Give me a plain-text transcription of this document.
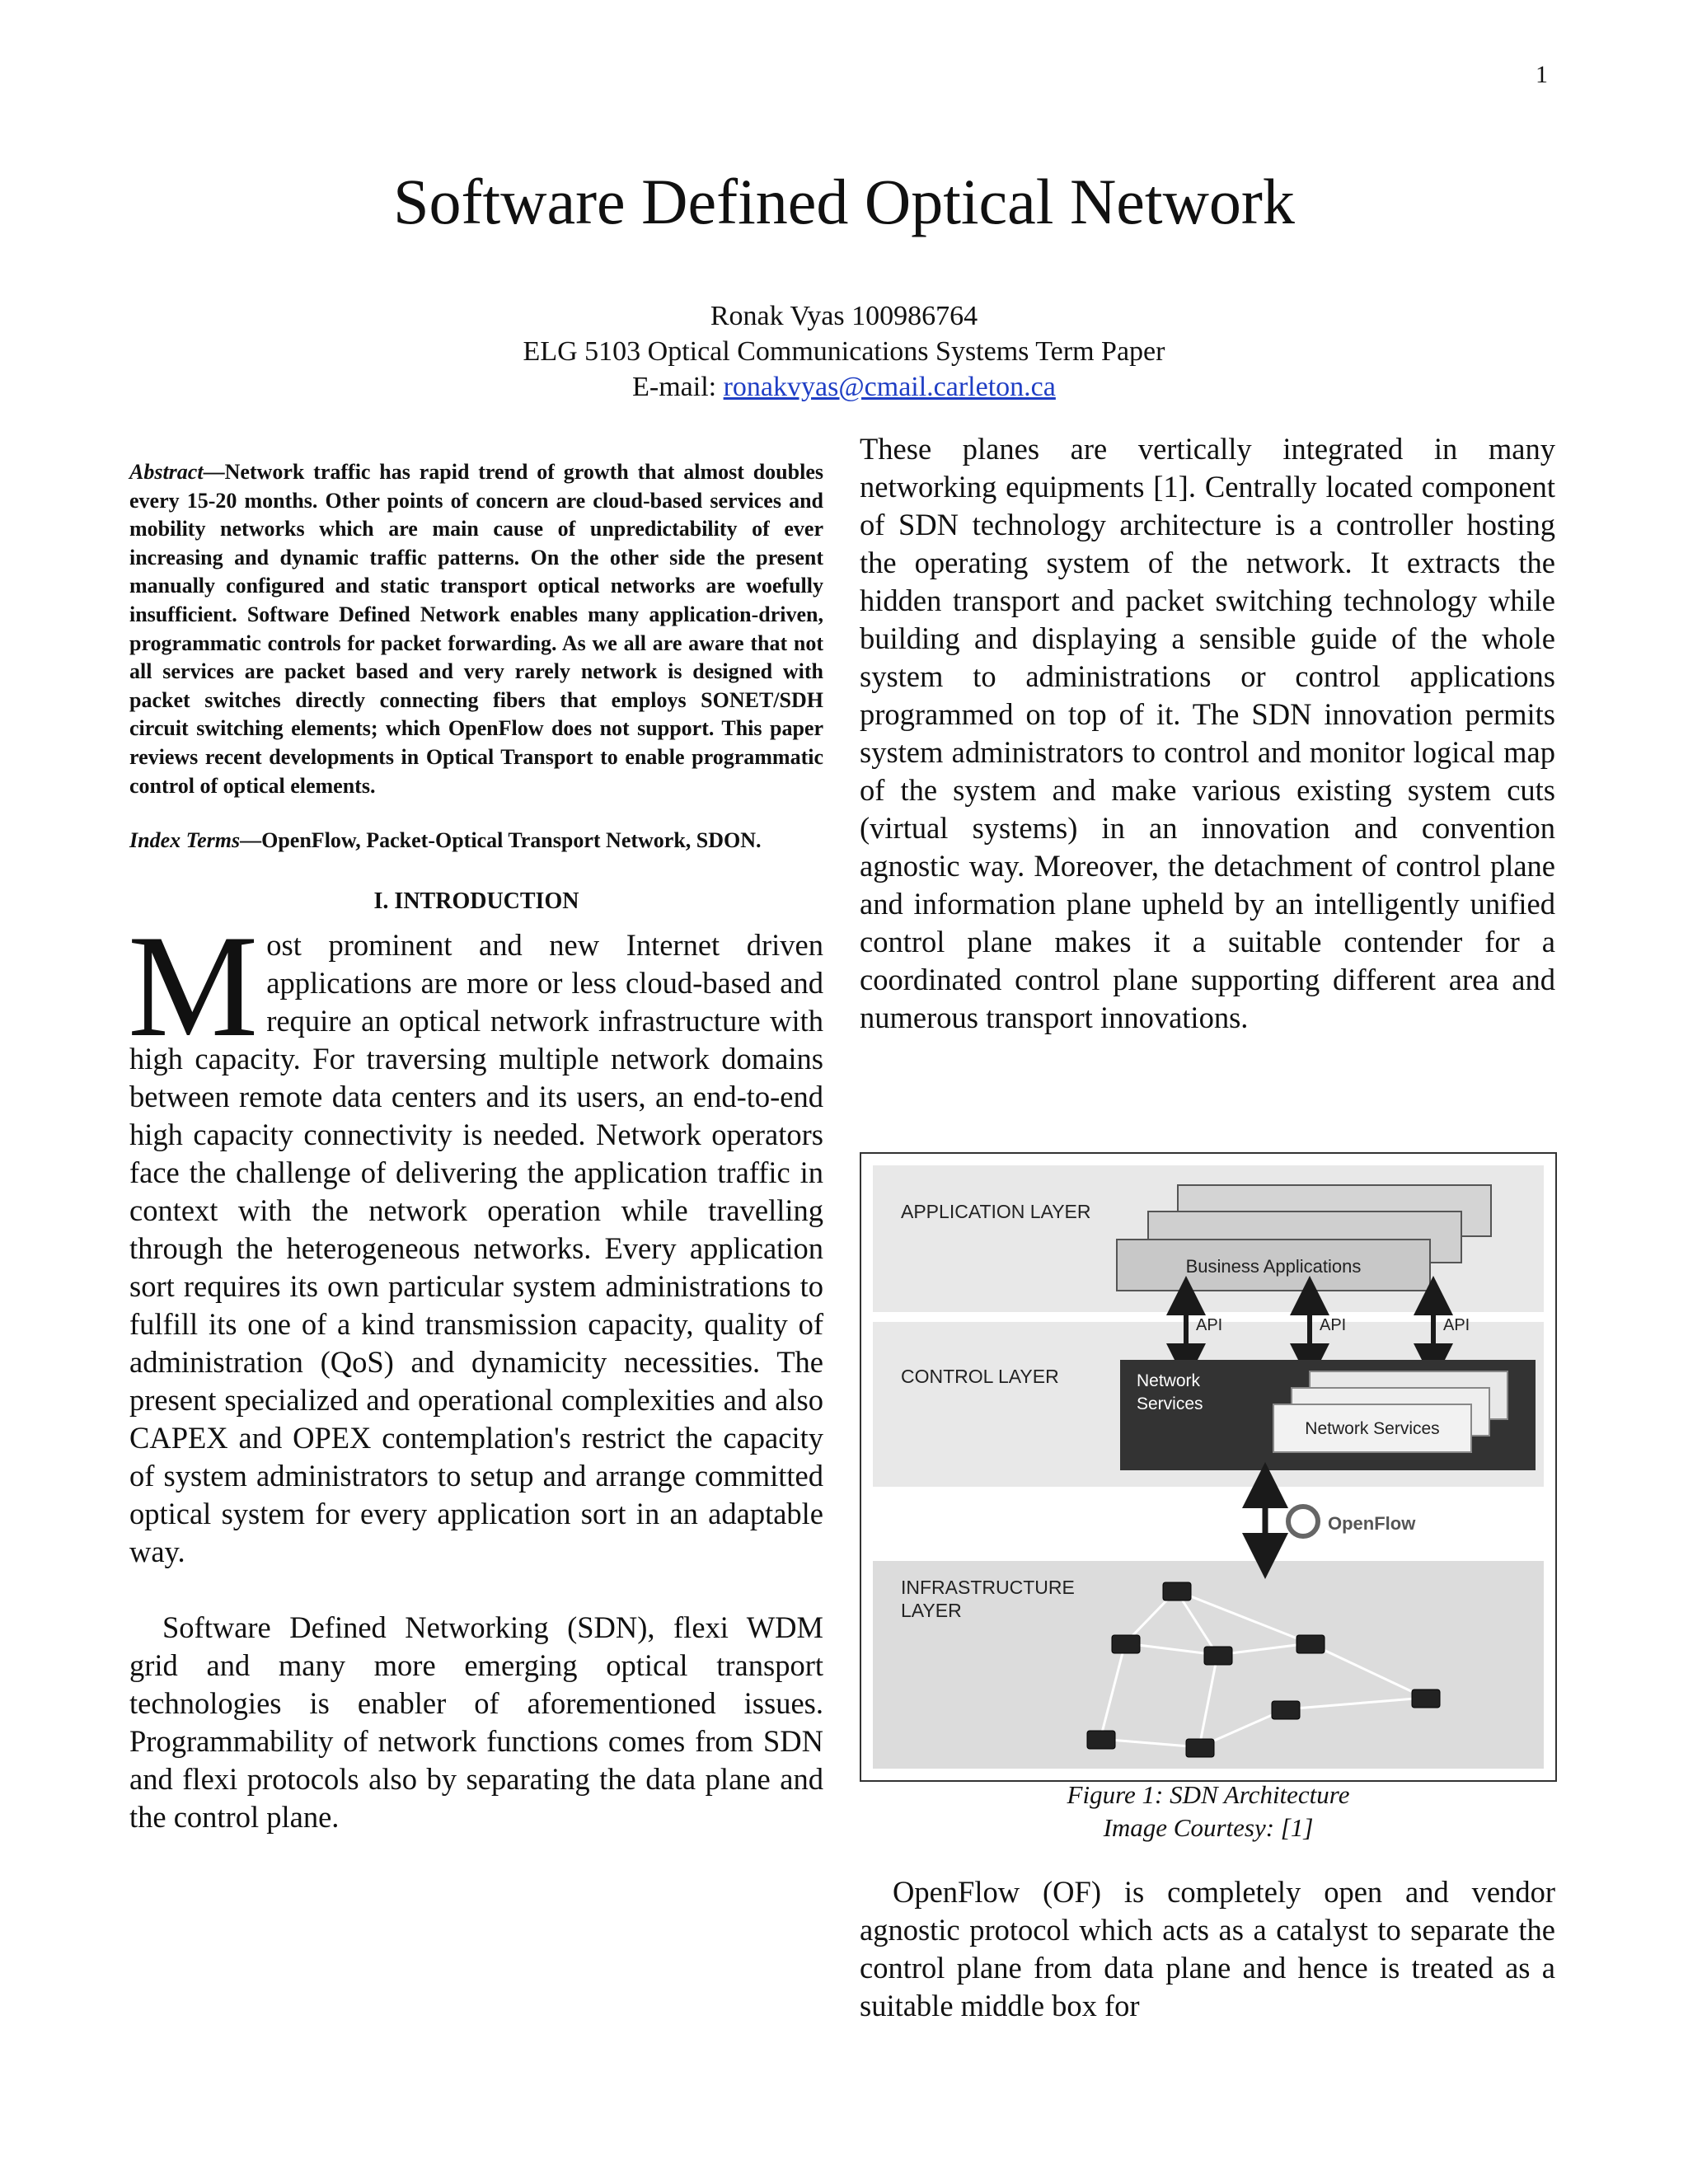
1
Software Defined Optical Network
Ronak Vyas 100986764
ELG 5103 Optical Communications Systems Term Paper
E-mail: ronakvyas@cmail.carleton.ca

Abstract—Network traffic has rapid trend of growth that almost doubles every 15-20 months. Other points of concern are cloud-based services and mobility networks which are main cause of unpredictability of ever increasing and dynamic traffic patterns. On the other side the present manually configured and static transport optical networks are woefully insufficient. Software Defined Network enables many application-driven, programmatic controls for packet forwarding. As we all are aware that not all services are packet based and very rarely network is designed with packet switches directly connecting fibers that employs SONET/SDH circuit switching elements; which OpenFlow does not support. This paper reviews recent developments in Optical Transport to enable programmatic control of optical elements.

Index Terms—OpenFlow, Packet-Optical Transport Network, SDON.

I. INTRODUCTION

Most prominent and new Internet driven applications are more or less cloud-based and require an optical network infrastructure with high capacity. For traversing multiple network domains between remote data centers and its users, an end-to-end high capacity connectivity is needed. Network operators face the challenge of delivering the application traffic in context with the network operation while travelling through the heterogeneous networks. Every application sort requires its own particular system administrations to fulfill its one of a kind transmission capacity, quality of administration (QoS) and dynamicity necessities. The present specialized and operational complexities and also CAPEX and OPEX contemplation's restrict the capacity of system administrators to setup and arrange committed optical system for every application sort in an adaptable way.

Software Defined Networking (SDN), flexi WDM grid and many more emerging optical transport technologies is enabler of aforementioned issues. Programmability of network functions comes from SDN and flexi protocols also by separating the data plane and the control plane.

These planes are vertically integrated in many networking equipments [1]. Centrally located component of SDN technology architecture is a controller hosting the operating system of the network. It extracts the hidden transport and packet switching technology while building and displaying a sensible guide of the whole system to administrations or control applications programmed on top of it. The SDN innovation permits system administrators to control and monitor logical map of the system and make various existing system cuts (virtual systems) in an innovation and convention agnostic way. Moreover, the detachment of control plane and information plane upheld by an intelligently unified control plane makes it a suitable contender for a coordinated control plane supporting different area and numerous transport innovations.

APPLICATION LAYER
Business Applications
API	API	API
CONTROL LAYER	Network
Services
Network Services
OpenFlow
INFRASTRUCTURE
LAYER
Figure 1: SDN Architecture
Image Courtesy: [1]

OpenFlow (OF) is completely open and vendor agnostic protocol which acts as a catalyst to separate the control plane from data plane and hence is treated as a suitable middle box for
